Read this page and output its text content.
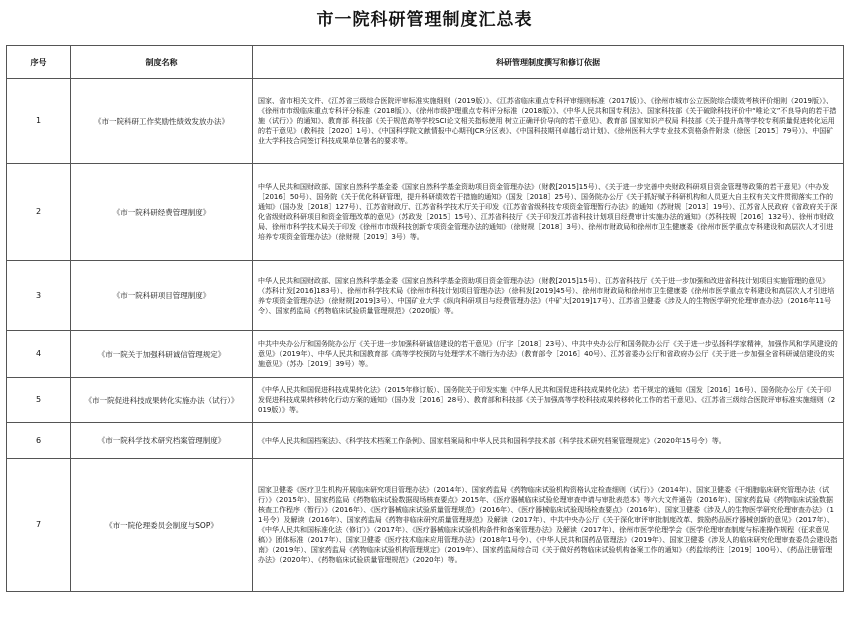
市一院科研管理制度汇总表
序号	制度名称	科研管理制度撰写和修订依据
1	《市一院科研工作奖励性绩效发放办法》	国家、省市相关文件、《江苏省三级综合医院评审标准实施细则（2019版）》、《江苏省临床重点专科评审细则标准（2017版）》、《徐州市城市公立医院综合绩效考核评价细则（2019版）》、《徐州市市级临床重点专科评分标准（2018版）》、《徐州市级护理重点专科评分标准（2018版）》、《中华人民共和国专利法》、国家科技部《关于破除科技评价中“唯论文”不良导向的若干措施（试行）》的通知》、教育部 科技部《关于规范高等学校SCI论文相关指标使用 树立正确评价导向的若干意见》、教育部 国家知识产权局 科技部《关于提升高等学校专利质量促进转化运用的若干意见》（教科技［2020］1号）、《中国科学院文献情报中心期刊JCR分区表》、《中国科技期刊卓越行动计划》、《徐州医科大学专业技术资格条件附录（徐医［2015］79号）》、中国矿业大学科技合同签订科技成果单位署名的要求等。
2	《市一院科研经费管理制度》	中华人民共和国财政部、国家自然科学基金委《国家自然科学基金资助项目资金管理办法》（财教[2015]15号）、《关于进一步完善中央财政科研项目资金管理等政策的若干意见》（中办发［2016］50号）、国务院《关于优化科研管理，提升科研绩效若干措施的通知》（国发［2018］25号）、国务院办公厅《关于抓好赋予科研机构和人员更大自主权有关文件贯彻落实工作的通知》（国办发［2018］127号）、江苏省财政厅、江苏省科学技术厅关于印发《江苏省省级科技专项资金管理暂行办法》的通知（苏财规［2013］19号）、江苏省人民政府《省政府关于深化省级财政科研项目和资金管理改革的意见》（苏政发［2015］15号）、江苏省科技厅《关于印发江苏省科技计划项目经费审计实施办法的通知》（苏科技规［2016］132号）、徐州市财政局、徐州市科学技术局关于印发《徐州市市级科技创新专项资金管理办法的通知》（徐财规［2018］3号）、徐州市财政局和徐州市卫生健康委《徐州市医学重点专科建设和高层次人才引进培养专项资金管理办法》（徐财规［2019］3号）等。
3	《市一院科研项目管理制度》	中华人民共和国财政部、国家自然科学基金委《国家自然科学基金资助项目资金管理办法》（财教[2015]15号）、江苏省科技厅《关于进一步加强和改进省科技计划项目实施管理的意见》（苏科计发[2016]183号）、徐州市科学技术局《徐州市科技计划项目管理办法》（徐科发[2019]45号）、徐州市财政局和徐州市卫生健康委《徐州市医学重点专科建设和高层次人才引进培养专项资金管理办法》（徐财规[2019]3号）、中国矿业大学《纵向科研项目与经费管理办法》（中矿大[2019]17号）、江苏省卫健委《涉及人的生物医学研究伦理审查办法》（2016年11号令）、国家药监局《药物临床试验质量管理规范》（2020版）等。
4	《市一院关于加强科研诚信管理规定》	中共中央办公厅和国务院办公厅《关于进一步加强科研诚信建设的若干意见》（厅字［2018］23号）、中共中央办公厅和国务院办公厅《关于进一步弘扬科学家精神，加强作风和学风建设的意见》（2019年）、中华人民共和国教育部《高等学校预防与处理学术不端行为办法》（教育部令［2016］40号）、江苏省委办公厅和省政府办公厅《关于进一步加强全省科研诚信建设的实施意见》（苏办［2019］39号）等。
5	《市一院促进科技成果转化实施办法（试行）》	《中华人民共和国促进科技成果转化法》（2015年修订版）、国务院关于印发实施《中华人民共和国促进科技成果转化法》若干规定的通知（国发［2016］16号）、国务院办公厅《关于印发促进科技成果转移转化行动方案的通知》（国办发［2016］28号）、教育部和科技部《关于加强高等学校科技成果转移转化工作的若干意见》、《江苏省三级综合医院评审标准实施细则（2019版）》等。
6	《市一院科学技术研究档案管理制度》	《中华人民共和国档案法》、《科学技术档案工作条例》、国家档案局和中华人民共和国科学技术部《科学技术研究档案管理规定》（2020年15号令）等。
7	《市一院伦理委员会制度与SOP》	国家卫健委《医疗卫生机构开展临床研究项目管理办法》（2014年）、国家药监局《药物临床试验机构资格认定检查细则（试行）》（2014年）、国家卫健委《干细胞临床研究管理办法（试行）》（2015年）、国家药监局《药物临床试验数据现场核查要点》2015年、《医疗器械临床试验伦理审查申请与审批表范本》等六大文件通告（2016年）、国家药监局《药物临床试验数据核查工作程序（暂行）》（2016年）、《医疗器械临床试验质量管理规范》（2016年）、《医疗器械临床试验现场检查要点》（2016年）、国家卫健委《涉及人的生物医学研究伦理审查办法》（11号令）及解读（2016年）、国家药监局《药物非临床研究质量管理规范》及解读（2017年）、中共中央办公厅《关于深化审评审批制度改革、鼓励药品医疗器械创新的意见》（2017年）、《中华人民共和国标准化法（修订）》（2017年）、《医疗器械临床试验机构条件和备案管理办法》及解读（2017年）、徐州市医学伦理学会《医学伦理审查制度与标准操作规程（征求意见稿）》团体标准（2017年）、国家卫健委《医疗技术临床应用管理办法》（2018年1号令）、《中华人民共和国药品管理法》（2019年）、国家卫健委《涉及人的临床研究伦理审查委员会建设指南》（2019年）、国家药监局《药物临床试验机构管理规定》（2019年）、国家药监局综合司《关于做好药物临床试验机构备案工作的通知》（药监综药注［2019］100号）、《药品注册管理办法》（2020年）、《药物临床试验质量管理规范》（2020年）等。
